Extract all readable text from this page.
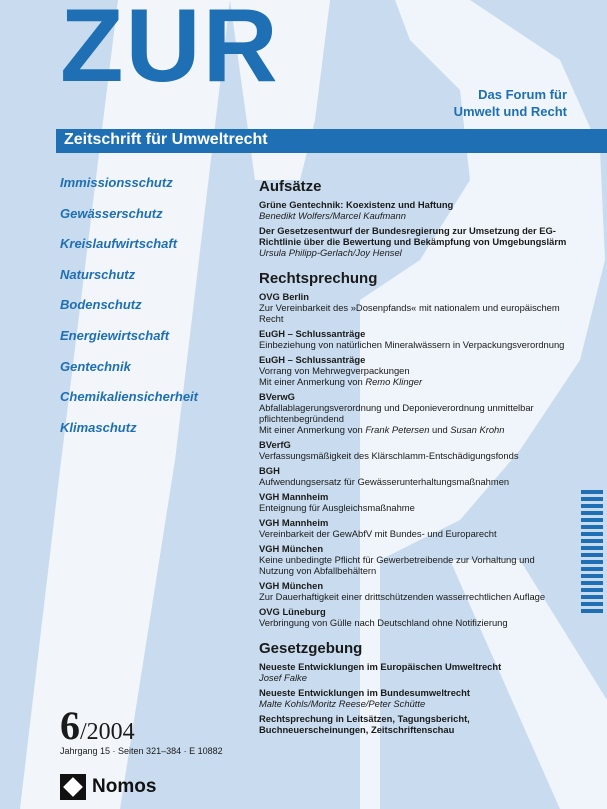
ZUR	Das Forum für
Umwelt und Recht
Zeitschrift für Umweltrecht
Immissionsschutz
Gewässerschutz
Kreislaufwirtschaft
Naturschutz
Bodenschutz
Energiewirtschaft
Gentechnik
Chemikaliensicherheit
Klimaschutz
Aufsätze
Grüne Gentechnik: Koexistenz und Haftung
Benedikt Wolfers/Marcel Kaufmann
Der Gesetzesentwurf der Bundesregierung zur Umsetzung der EG-Richtlinie über die Bewertung und Bekämpfung von Umgebungslärm
Ursula Philipp-Gerlach/Joy Hensel
Rechtsprechung
OVG Berlin
Zur Vereinbarkeit des »Dosenpfands« mit nationalem und europäischem Recht
EuGH – Schlussanträge
Einbeziehung von natürlichen Mineralwässern in Verpackungsverordnung
EuGH – Schlussanträge
Vorrang von Mehrwegverpackungen
Mit einer Anmerkung von Remo Klinger
BVerwG
Abfallablagerungsverordnung und Deponieverordnung unmittelbar pflichtenbegründend
Mit einer Anmerkung von Frank Petersen und Susan Krohn
BVerfG
Verfassungsmäßigkeit des Klärschlamm-Entschädigungsfonds
BGH
Aufwendungsersatz für Gewässerunterhaltungsmaßnahmen
VGH Mannheim
Enteignung für Ausgleichsmaßnahme
VGH Mannheim
Vereinbarkeit der GewAbfV mit Bundes- und Europarecht
VGH München
Keine unbedingte Pflicht für Gewerbetreibende zur Vorhaltung und Nutzung von Abfallbehältern
VGH München
Zur Dauerhaftigkeit einer drittschützenden wasserrechtlichen Auflage
OVG Lüneburg
Verbringung von Gülle nach Deutschland ohne Notifizierung
Gesetzgebung
Neueste Entwicklungen im Europäischen Umweltrecht
Josef Falke
Neueste Entwicklungen im Bundesumweltrecht
Malte Kohls/Moritz Reese/Peter Schütte
Rechtsprechung in Leitsätzen, Tagungsbericht, Buchneuerscheinungen, Zeitschriftenschau
6/2004
Jahrgang 15 · Seiten 321–384 · E 10882
Nomos
